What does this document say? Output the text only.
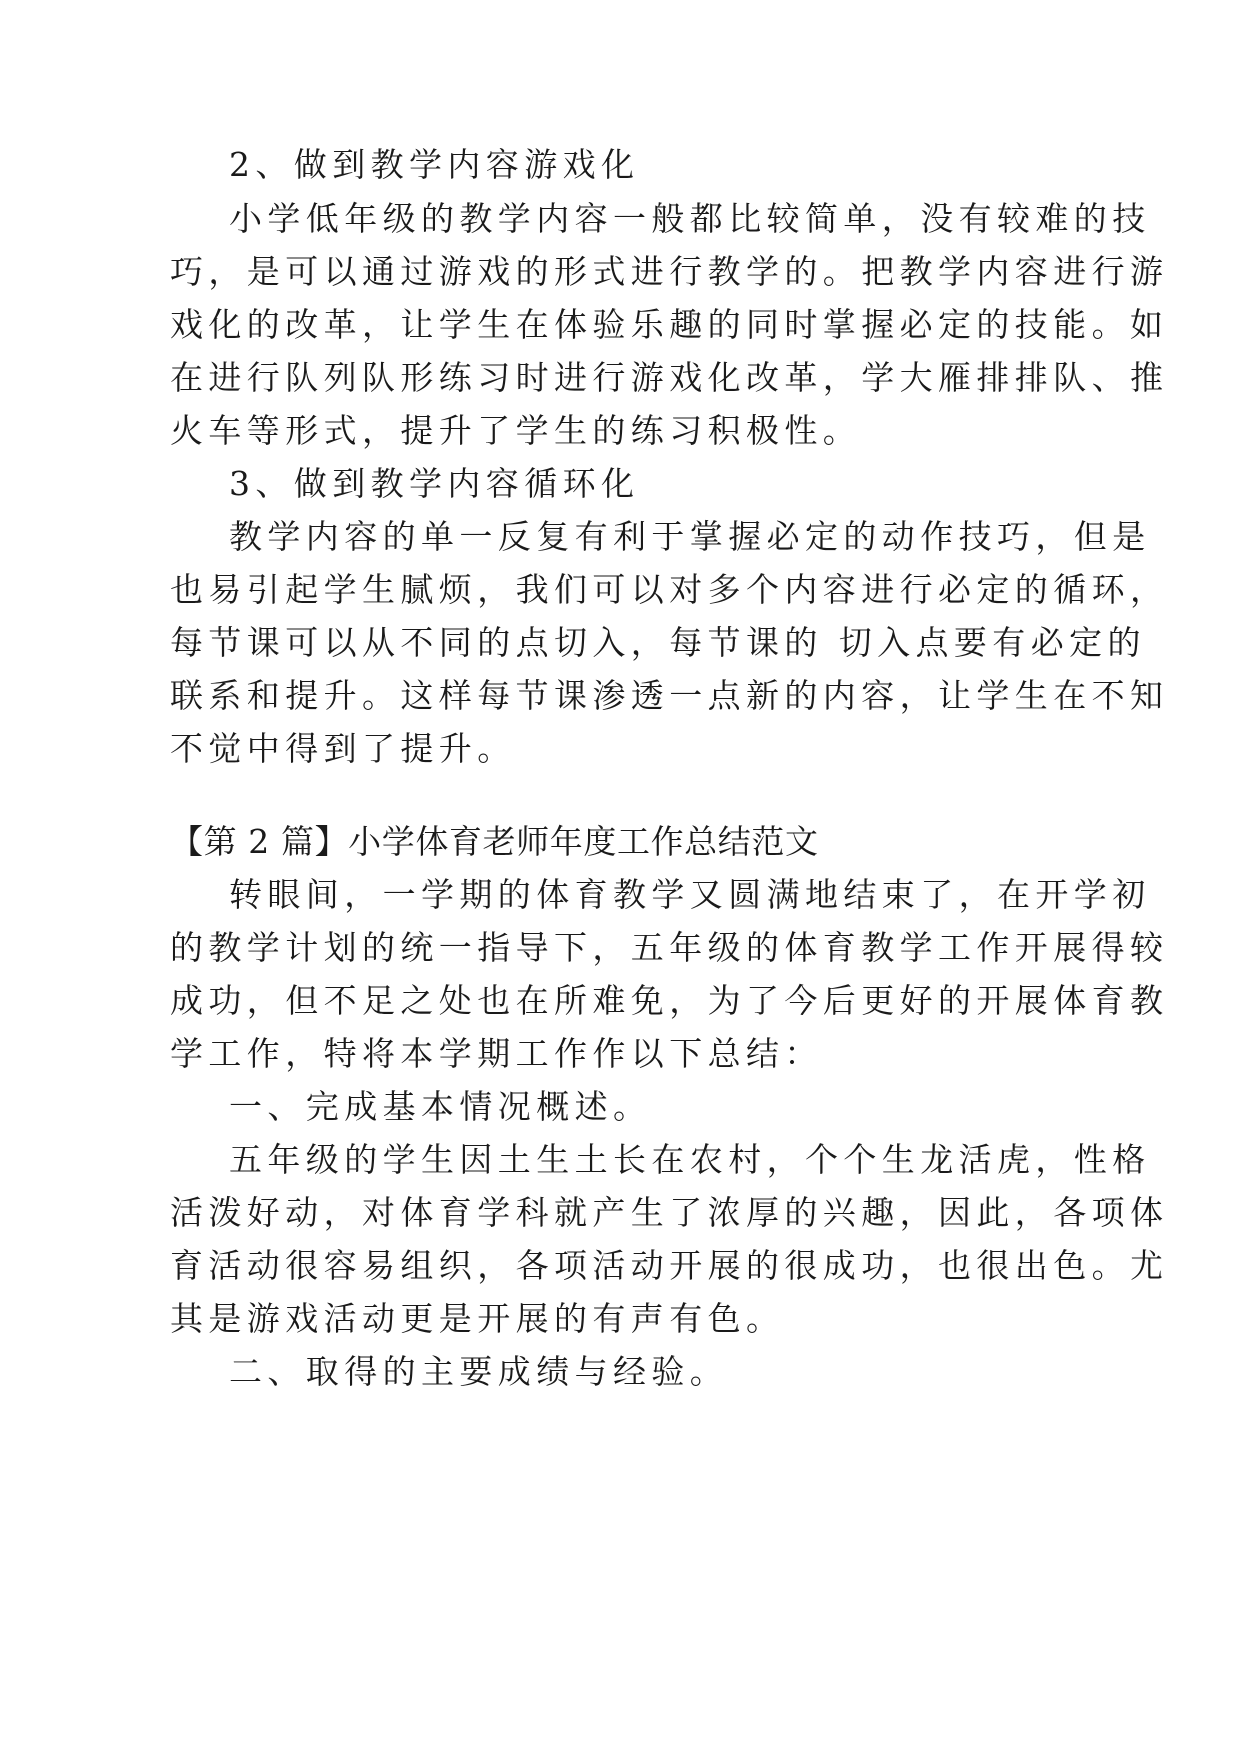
2、做到教学内容游戏化
小学低年级的教学内容一般都比较简单，没有较难的技
巧，是可以通过游戏的形式进行教学的。把教学内容进行游
戏化的改革，让学生在体验乐趣的同时掌握必定的技能。如
在进行队列队形练习时进行游戏化改革，学大雁排排队、推
火车等形式，提升了学生的练习积极性。
3、做到教学内容循环化
教学内容的单一反复有利于掌握必定的动作技巧，但是
也易引起学生腻烦，我们可以对多个内容进行必定的循环，
每节课可以从不同的点切入，每节课的 切入点要有必定的
联系和提升。这样每节课渗透一点新的内容，让学生在不知
不觉中得到了提升。
【第 2 篇】小学体育老师年度工作总结范文
转眼间，一学期的体育教学又圆满地结束了，在开学初
的教学计划的统一指导下，五年级的体育教学工作开展得较
成功，但不足之处也在所难免，为了今后更好的开展体育教
学工作，特将本学期工作作以下总结：
一、完成基本情况概述。
五年级的学生因土生土长在农村，个个生龙活虎，性格
活泼好动，对体育学科就产生了浓厚的兴趣，因此，各项体
育活动很容易组织，各项活动开展的很成功，也很出色。尤
其是游戏活动更是开展的有声有色。
二、取得的主要成绩与经验。
